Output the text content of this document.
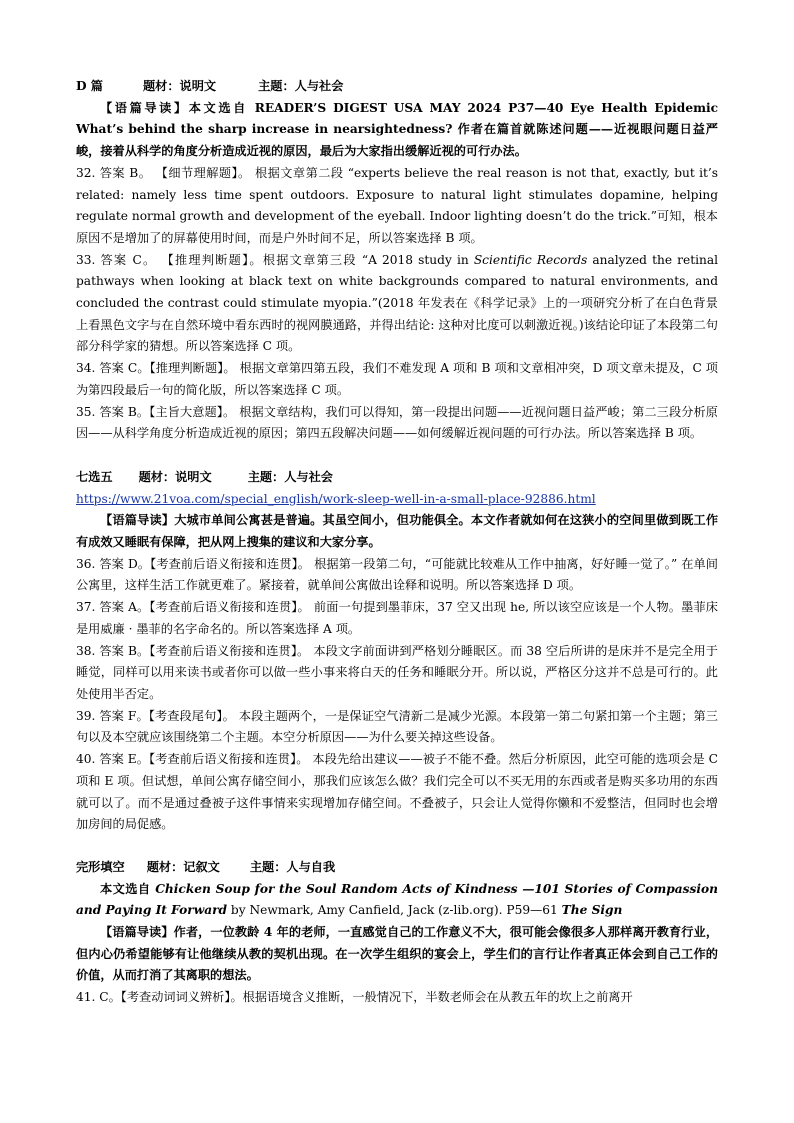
D 篇	题材：说明文	主题：人与社会

【语篇导读】本文选自 READER’S DIGEST USA MAY 2024 P37—40 Eye Health Epidemic What’s behind the sharp increase in nearsightedness? 作者在篇首就陈述问题——近视眼问题日益严峻，接着从科学的角度分析造成近视的原因，最后为大家指出缓解近视的可行办法。

32. 答案 B。 【细节理解题】。 根据文章第二段 “experts believe the real reason is not that, exactly, but it’s related: namely less time spent outdoors. Exposure to natural light stimulates dopamine, helping regulate normal growth and development of the eyeball. Indoor lighting doesn’t do the trick.”可知，根本原因不是增加了的屏幕使用时间，而是户外时间不足，所以答案选择 B 项。

33. 答案 C。 【推理判断题】。根据文章第三段 “A 2018 study in Scientific Records analyzed the retinal pathways when looking at black text on white backgrounds compared to natural environments, and concluded the contrast could stimulate myopia.”(2018 年发表在《科学记录》上的一项研究分析了在白色背景上看黑色文字与在自然环境中看东西时的视网膜通路，并得出结论: 这种对比度可以刺激近视。)该结论印证了本段第二句部分科学家的猜想。所以答案选择 C 项。

34. 答案 C。【推理判断题】。 根据文章第四第五段，我们不难发现 A 项和 B 项和文章相冲突，D 项文章未提及，C 项为第四段最后一句的简化版，所以答案选择 C 项。

35. 答案 B。【主旨大意题】。 根据文章结构，我们可以得知，第一段提出问题——近视问题日益严峻；第二三段分析原因——从科学角度分析造成近视的原因；第四五段解决问题——如何缓解近视问题的可行办法。所以答案选择 B 项。

七选五 题材：说明文	主题：人与社会
https://www.21voa.com/special_english/work-sleep-well-in-a-small-place-92886.html

【语篇导读】大城市单间公寓甚是普遍。其虽空间小，但功能俱全。本文作者就如何在这狭小的空间里做到既工作有成效又睡眠有保障，把从网上搜集的建议和大家分享。

36. 答案 D。【考查前后语义衔接和连贯】。 根据第一段第二句，“可能就比较难从工作中抽离，好好睡一觉了。” 在单间公寓里，这样生活工作就更难了。紧接着，就单间公寓做出诠释和说明。所以答案选择 D 项。

37. 答案 A。【考查前后语义衔接和连贯】。 前面一句提到墨菲床，37 空又出现 he, 所以该空应该是一个人物。墨菲床是用威廉 · 墨菲的名字命名的。所以答案选择 A 项。

38. 答案 B。【考查前后语义衔接和连贯】。 本段文字前面讲到严格划分睡眠区。而 38 空后所讲的是床并不是完全用于睡觉，同样可以用来读书或者你可以做一些小事来将白天的任务和睡眠分开。所以说，严格区分这并不总是可行的。此处使用半否定。

39. 答案 F。【考查段尾句】。 本段主题两个，一是保证空气清新二是减少光源。本段第一第二句紧扣第一个主题；第三句以及本空就应该围绕第二个主题。本空分析原因——为什么要关掉这些设备。

40. 答案 E。【考查前后语义衔接和连贯】。 本段先给出建议——被子不能不叠。然后分析原因，此空可能的选项会是 C 项和 E 项。但试想，单间公寓存储空间小，那我们应该怎么做？我们完全可以不买无用的东西或者是购买多功用的东西就可以了。而不是通过叠被子这件事情来实现增加存储空间。不叠被子，只会让人觉得你懒和不爱整洁，但同时也会增加房间的局促感。

完形填空 题材：记叙文 主题：人与自我

本文选自 Chicken Soup for the Soul Random Acts of Kindness —101 Stories of Compassion and Paying It Forward by Newmark, Amy Canfield, Jack (z-lib.org). P59—61 The Sign

【语篇导读】作者，一位教龄 4 年的老师，一直感觉自己的工作意义不大，很可能会像很多人那样离开教育行业，但内心仍希望能够有让他继续从教的契机出现。在一次学生组织的宴会上，学生们的言行让作者真正体会到自己工作的价值，从而打消了其离职的想法。

41. C。【考查动词词义辨析】。根据语境含义推断，一般情况下，半数老师会在从教五年的坎上之前离开
